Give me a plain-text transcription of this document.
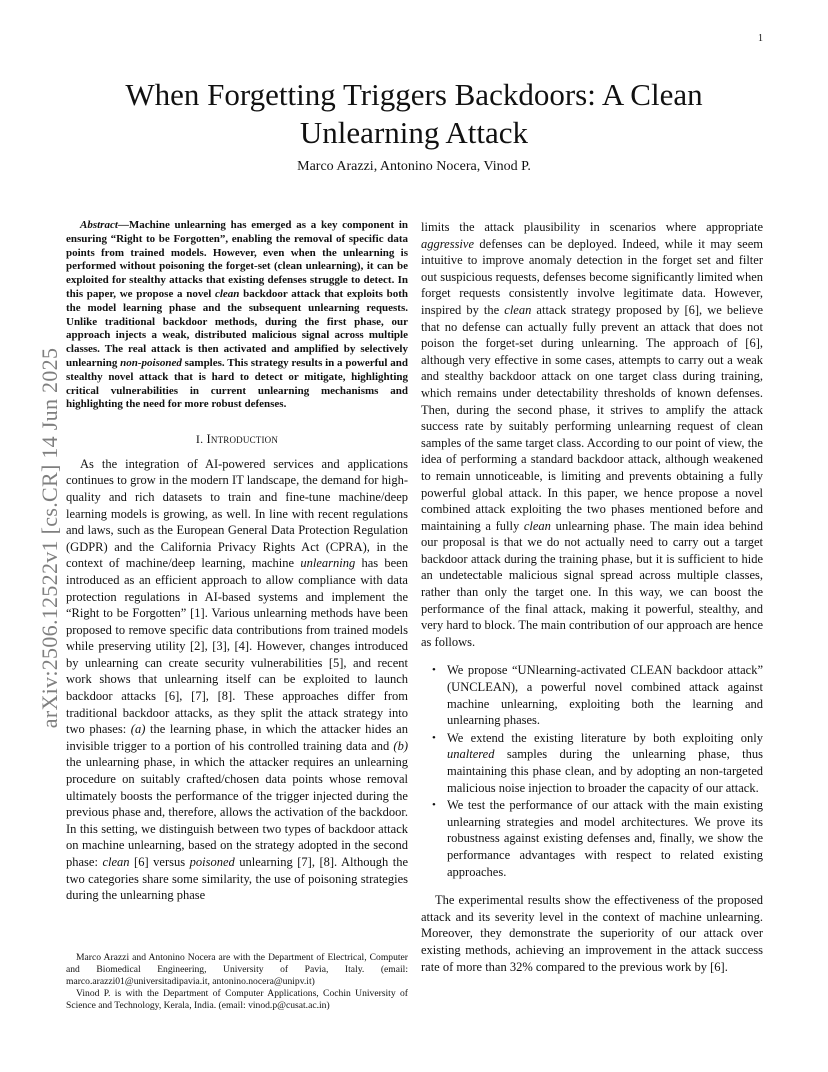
1
arXiv:2506.12522v1 [cs.CR] 14 Jun 2025
When Forgetting Triggers Backdoors: A Clean
Unlearning Attack
Marco Arazzi, Antonino Nocera, Vinod P.

Abstract—Machine unlearning has emerged as a key component in ensuring “Right to be Forgotten”, enabling the removal of specific data points from trained models. However, even when the unlearning is performed without poisoning the forget-set (clean unlearning), it can be exploited for stealthy attacks that existing defenses struggle to detect. In this paper, we propose a novel clean backdoor attack that exploits both the model learning phase and the subsequent unlearning requests. Unlike traditional backdoor methods, during the first phase, our approach injects a weak, distributed malicious signal across multiple classes. The real attack is then activated and amplified by selectively unlearning non-poisoned samples. This strategy results in a powerful and stealthy novel attack that is hard to detect or mitigate, highlighting critical vulnerabilities in current unlearning mechanisms and highlighting the need for more robust defenses.

I. Introduction

As the integration of AI-powered services and applications continues to grow in the modern IT landscape, the demand for high-quality and rich datasets to train and fine-tune machine/deep learning models is growing, as well. In line with recent regulations and laws, such as the European General Data Protection Regulation (GDPR) and the California Privacy Rights Act (CPRA), in the context of machine/deep learning, machine unlearning has been introduced as an efficient approach to allow compliance with data protection regulations in AI-based systems and implement the “Right to be Forgotten” [1]. Various unlearning methods have been proposed to remove specific data contributions from trained models while preserving utility [2], [3], [4]. However, changes introduced by unlearning can create security vulnerabilities [5], and recent work shows that unlearning itself can be exploited to launch backdoor attacks [6], [7], [8]. These approaches differ from traditional backdoor attacks, as they split the attack strategy into two phases: (a) the learning phase, in which the attacker hides an invisible trigger to a portion of his controlled training data and (b) the unlearning phase, in which the attacker requires an unlearning procedure on suitably crafted/chosen data points whose removal ultimately boosts the performance of the trigger injected during the previous phase and, therefore, allows the activation of the backdoor. In this setting, we distinguish between two types of backdoor attack on machine unlearning, based on the strategy adopted in the second phase: clean [6] versus poisoned unlearning [7], [8]. Although the two categories share some similarity, the use of poisoning strategies during the unlearning phase

Marco Arazzi and Antonino Nocera are with the Department of Electrical, Computer and Biomedical Engineering, University of Pavia, Italy. (email: marco.arazzi01@universitadipavia.it, antonino.nocera@unipv.it)

Vinod P. is with the Department of Computer Applications, Cochin University of Science and Technology, Kerala, India. (email: vinod.p@cusat.ac.in)

limits the attack plausibility in scenarios where appropriate aggressive defenses can be deployed. Indeed, while it may seem intuitive to improve anomaly detection in the forget set and filter out suspicious requests, defenses become significantly limited when forget requests consistently involve legitimate data. However, inspired by the clean attack strategy proposed by [6], we believe that no defense can actually fully prevent an attack that does not poison the forget-set during unlearning. The approach of [6], although very effective in some cases, attempts to carry out a weak and stealthy backdoor attack on one target class during training, which remains under detectability thresholds of known defenses. Then, during the second phase, it strives to amplify the attack success rate by suitably performing unlearning request of clean samples of the same target class. According to our point of view, the idea of performing a standard backdoor attack, although weakened to remain unnoticeable, is limiting and prevents obtaining a fully powerful global attack. In this paper, we hence propose a novel combined attack exploiting the two phases mentioned before and maintaining a fully clean unlearning phase. The main idea behind our proposal is that we do not actually need to carry out a target backdoor attack during the training phase, but it is sufficient to hide an undetectable malicious signal spread across multiple classes, rather than only the target one. In this way, we can boost the performance of the final attack, making it powerful, stealthy, and very hard to block. The main contribution of our approach are hence as follows.

• We propose “UNlearning-activated CLEAN backdoor attack” (UNCLEAN), a powerful novel combined attack against machine unlearning, exploiting both the learning and unlearning phases.
• We extend the existing literature by both exploiting only unaltered samples during the unlearning phase, thus maintaining this phase clean, and by adopting an non-targeted malicious noise injection to broader the capacity of our attack.
• We test the performance of our attack with the main existing unlearning strategies and model architectures. We prove its robustness against existing defenses and, finally, we show the performance advantages with respect to related existing approaches.

The experimental results show the effectiveness of the proposed attack and its severity level in the context of machine unlearning. Moreover, they demonstrate the superiority of our attack over existing methods, achieving an improvement in the attack success rate of more than 32% compared to the previous work by [6].
